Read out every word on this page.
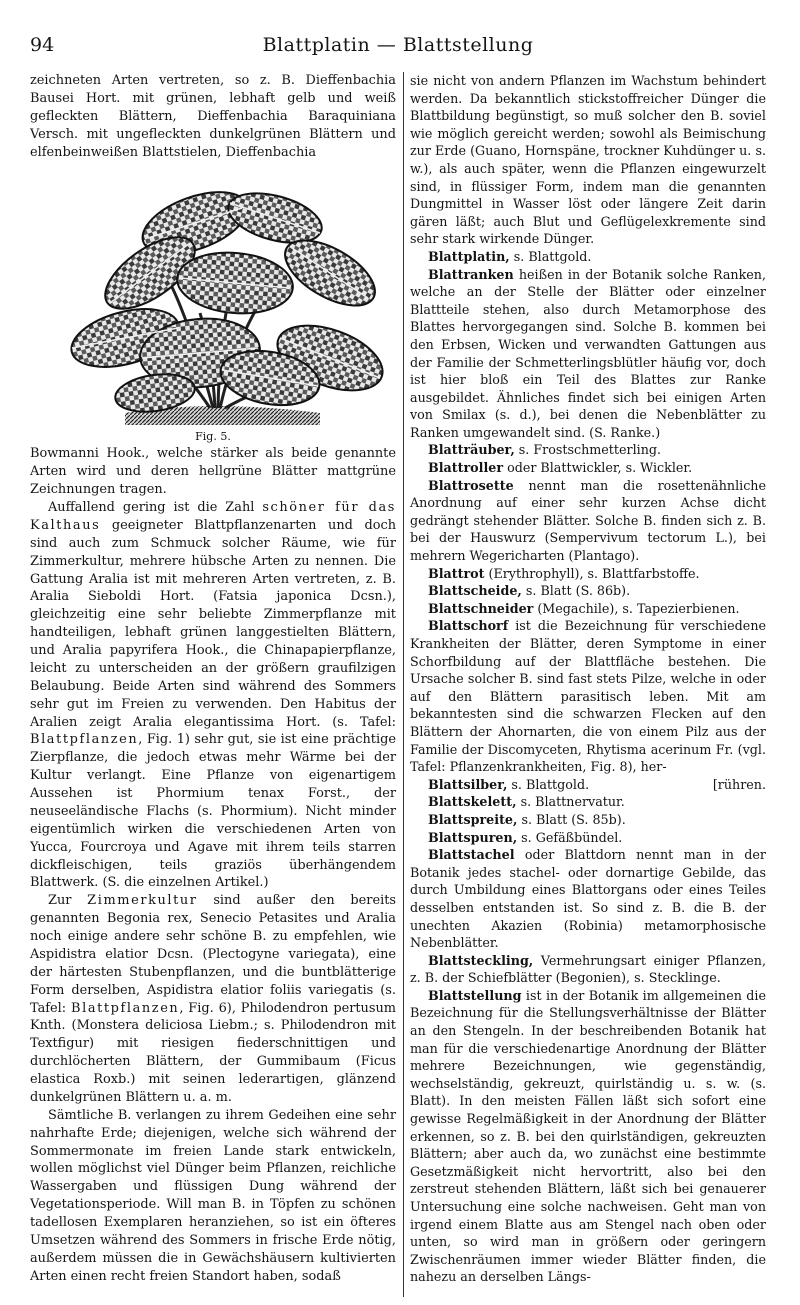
94	Blattplatin — Blattstellung

zeichneten Arten vertreten, so z. B. Dieffenbachia Bausei Hort. mit grünen, lebhaft gelb und weiß gefleckten Blättern, Dieffenbachia Baraquiniana Versch. mit ungefleckten dunkelgrünen Blättern und elfenbeinweißen Blattstielen, Dieffenbachia

Fig. 5.

Bowmanni Hook., welche stärker als beide genannte Arten wird und deren hellgrüne Blätter mattgrüne Zeichnungen tragen.

Auffallend gering ist die Zahl schöner für das Kalthaus geeigneter Blattpflanzenarten und doch sind auch zum Schmuck solcher Räume, wie für Zimmerkultur, mehrere hübsche Arten zu nennen. Die Gattung Aralia ist mit mehreren Arten vertreten, z. B. Aralia Sieboldi Hort. (Fatsia japonica Dcsn.), gleichzeitig eine sehr beliebte Zimmerpflanze mit handteiligen, lebhaft grünen langgestielten Blättern, und Aralia papyrifera Hook., die Chinapapierpflanze, leicht zu unterscheiden an der größern graufilzigen Belaubung. Beide Arten sind während des Sommers sehr gut im Freien zu verwenden. Den Habitus der Aralien zeigt Aralia elegantissima Hort. (s. Tafel: Blattpflanzen, Fig. 1) sehr gut, sie ist eine prächtige Zierpflanze, die jedoch etwas mehr Wärme bei der Kultur verlangt. Eine Pflanze von eigenartigem Aussehen ist Phormium tenax Forst., der neuseeländische Flachs (s. Phormium). Nicht minder eigentümlich wirken die verschiedenen Arten von Yucca, Fourcroya und Agave mit ihrem teils starren dickfleischigen, teils graziös überhängendem Blattwerk. (S. die einzelnen Artikel.)

Zur Zimmerkultur sind außer den bereits genannten Begonia rex, Senecio Petasites und Aralia noch einige andere sehr schöne B. zu empfehlen, wie Aspidistra elatior Dcsn. (Plectogyne variegata), eine der härtesten Stubenpflanzen, und die buntblätterige Form derselben, Aspidistra elatior foliis variegatis (s. Tafel: Blattpflanzen, Fig. 6), Philodendron pertusum Knth. (Monstera deliciosa Liebm.; s. Philodendron mit Textfigur) mit riesigen fiederschnittigen und durchlöcherten Blättern, der Gummibaum (Ficus elastica Roxb.) mit seinen lederartigen, glänzend dunkelgrünen Blättern u. a. m.

Sämtliche B. verlangen zu ihrem Gedeihen eine sehr nahrhafte Erde; diejenigen, welche sich während der Sommermonate im freien Lande stark entwickeln, wollen möglichst viel Dünger beim Pflanzen, reichliche Wassergaben und flüssigen Dung während der Vegetationsperiode. Will man B. in Töpfen zu schönen tadellosen Exemplaren heranziehen, so ist ein öfteres Umsetzen während des Sommers in frische Erde nötig, außerdem müssen die in Gewächshäusern kultivierten Arten einen recht freien Standort haben, sodaß

sie nicht von andern Pflanzen im Wachstum behindert werden. Da bekanntlich stickstoffreicher Dünger die Blattbildung begünstigt, so muß solcher den B. soviel wie möglich gereicht werden; sowohl als Beimischung zur Erde (Guano, Hornspäne, trockner Kuhdünger u. s. w.), als auch später, wenn die Pflanzen eingewurzelt sind, in flüssiger Form, indem man die genannten Dungmittel in Wasser löst oder längere Zeit darin gären läßt; auch Blut und Geflügelexkremente sind sehr stark wirkende Dünger.

Blattplatin, s. Blattgold.

Blattranken heißen in der Botanik solche Ranken, welche an der Stelle der Blätter oder einzelner Blattteile stehen, also durch Metamorphose des Blattes hervorgegangen sind. Solche B. kommen bei den Erbsen, Wicken und verwandten Gattungen aus der Familie der Schmetterlingsblütler häufig vor, doch ist hier bloß ein Teil des Blattes zur Ranke ausgebildet. Ähnliches findet sich bei einigen Arten von Smilax (s. d.), bei denen die Nebenblätter zu Ranken umgewandelt sind. (S. Ranke.)

Blatträuber, s. Frostschmetterling.

Blattroller oder Blattwickler, s. Wickler.

Blattrosette nennt man die rosettenähnliche Anordnung auf einer sehr kurzen Achse dicht gedrängt stehender Blätter. Solche B. finden sich z. B. bei der Hauswurz (Sempervivum tectorum L.), bei mehrern Wegericharten (Plantago).

Blattrot (Erythrophyll), s. Blattfarbstoffe.

Blattscheide, s. Blatt (S. 86b).

Blattschneider (Megachile), s. Tapezierbienen.

Blattschorf ist die Bezeichnung für verschiedene Krankheiten der Blätter, deren Symptome in einer Schorfbildung auf der Blattfläche bestehen. Die Ursache solcher B. sind fast stets Pilze, welche in oder auf den Blättern parasitisch leben. Mit am bekanntesten sind die schwarzen Flecken auf den Blättern der Ahornarten, die von einem Pilz aus der Familie der Discomyceten, Rhytisma acerinum Fr. (vgl. Tafel: Pflanzenkrankheiten, Fig. 8), her-

[rühren.
Blattsilber, s. Blattgold.

Blattskelett, s. Blattnervatur.

Blattspreite, s. Blatt (S. 85b).

Blattspuren, s. Gefäßbündel.

Blattstachel oder Blattdorn nennt man in der Botanik jedes stachel- oder dornartige Gebilde, das durch Umbildung eines Blattorgans oder eines Teiles desselben entstanden ist. So sind z. B. die B. der unechten Akazien (Robinia) metamorphosische Nebenblätter.

Blattsteckling, Vermehrungsart einiger Pflanzen, z. B. der Schiefblätter (Begonien), s. Stecklinge.

Blattstellung ist in der Botanik im allgemeinen die Bezeichnung für die Stellungsverhältnisse der Blätter an den Stengeln. In der beschreibenden Botanik hat man für die verschiedenartige Anordnung der Blätter mehrere Bezeichnungen, wie gegenständig, wechselständig, gekreuzt, quirlständig u. s. w. (s. Blatt). In den meisten Fällen läßt sich sofort eine gewisse Regelmäßigkeit in der Anordnung der Blätter erkennen, so z. B. bei den quirlständigen, gekreuzten Blättern; aber auch da, wo zunächst eine bestimmte Gesetzmäßigkeit nicht hervortritt, also bei den zerstreut stehenden Blättern, läßt sich bei genauerer Untersuchung eine solche nachweisen. Geht man von irgend einem Blatte aus am Stengel nach oben oder unten, so wird man in größern oder geringern Zwischenräumen immer wieder Blätter finden, die nahezu an derselben Längs-
